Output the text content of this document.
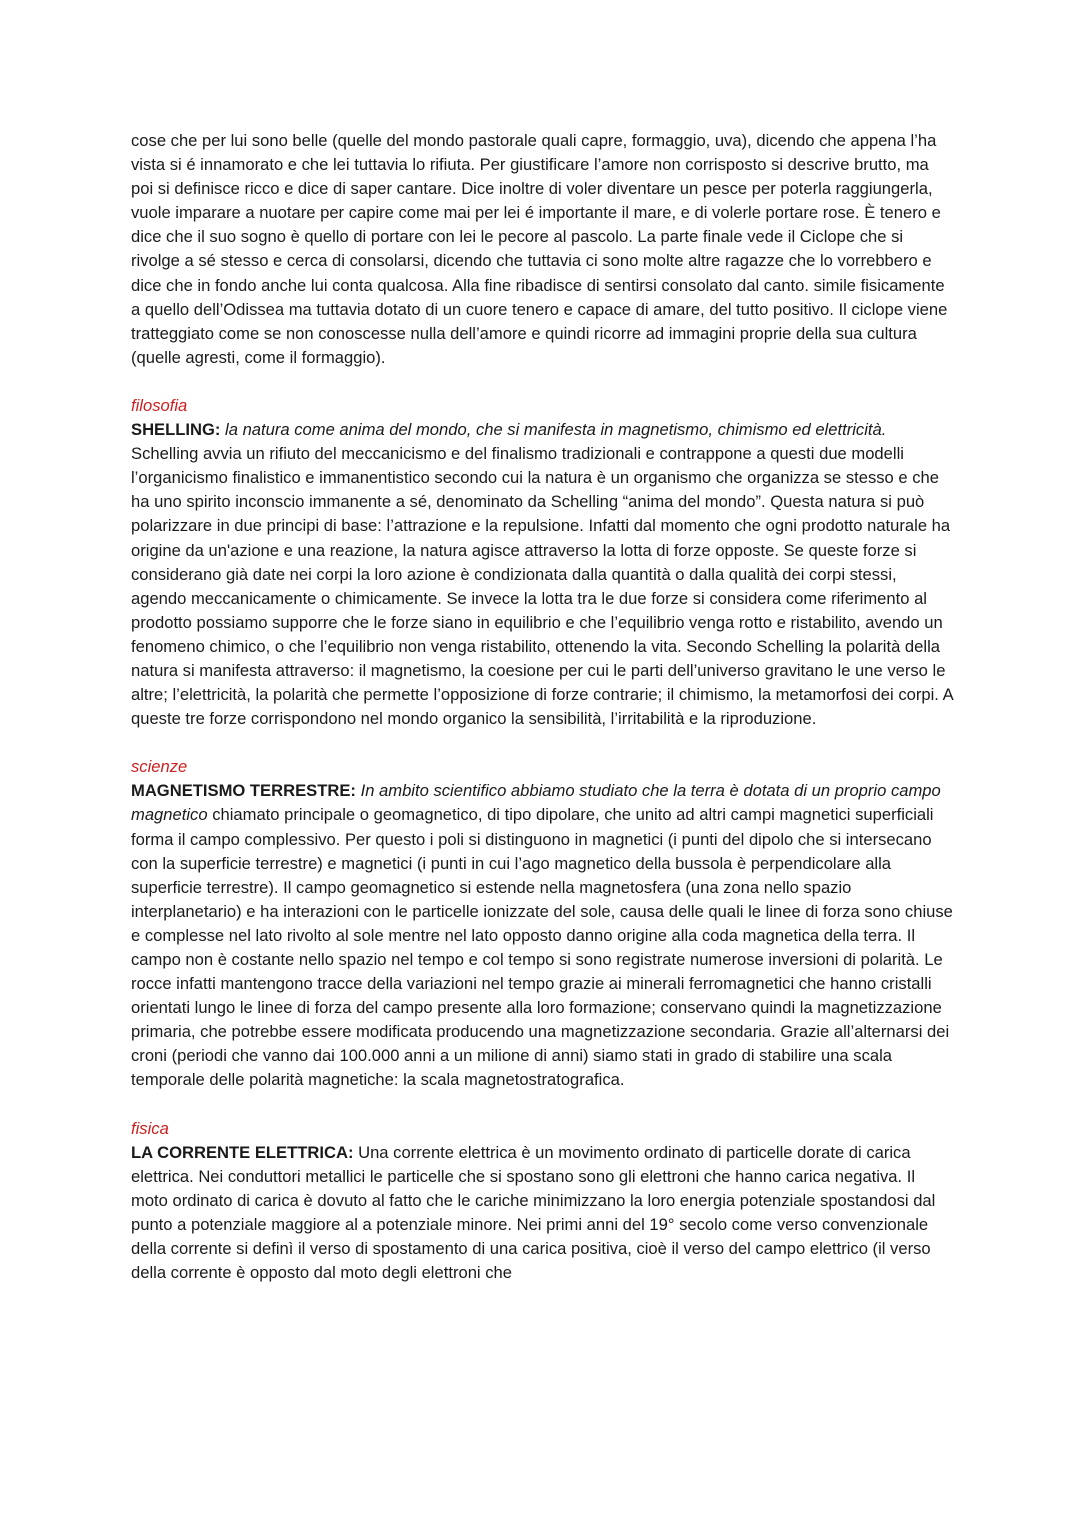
cose che per lui sono belle (quelle del mondo pastorale quali capre, formaggio, uva), dicendo che appena l’ha vista si é innamorato e che lei tuttavia lo rifiuta. Per giustificare l’amore non corrisposto si descrive brutto, ma poi si definisce ricco e dice di saper cantare. Dice inoltre di voler diventare un pesce per poterla raggiungerla, vuole imparare a nuotare per capire come mai per lei é importante il mare, e di volerle portare rose. È tenero e dice che il suo sogno è quello di portare con lei le pecore al pascolo. La parte finale vede il Ciclope che si rivolge a sé stesso e cerca di consolarsi, dicendo che tuttavia ci sono molte altre ragazze che lo vorrebbero e dice che in fondo anche lui conta qualcosa. Alla fine ribadisce di sentirsi consolato dal canto. simile fisicamente a quello dell’Odissea ma tuttavia dotato di un cuore tenero e capace di amare, del tutto positivo. Il ciclope viene tratteggiato come se non conoscesse nulla dell’amore e quindi ricorre ad immagini proprie della sua cultura (quelle agresti, come il formaggio).

filosofia

SHELLING: la natura come anima del mondo, che si manifesta in magnetismo, chimismo ed elettricità. Schelling avvia un rifiuto del meccanicismo e del finalismo tradizionali e contrappone a questi due modelli l’organicismo finalistico e immanentistico secondo cui la natura è un organismo che organizza se stesso e che ha uno spirito inconscio immanente a sé, denominato da Schelling “anima del mondo”. Questa natura si può polarizzare in due principi di base: l’attrazione e la repulsione. Infatti dal momento che ogni prodotto naturale ha origine da un'azione e una reazione, la natura agisce attraverso la lotta di forze opposte. Se queste forze si considerano già date nei corpi la loro azione è condizionata dalla quantità o dalla qualità dei corpi stessi, agendo meccanicamente o chimicamente. Se invece la lotta tra le due forze si considera come riferimento al prodotto possiamo supporre che le forze siano in equilibrio e che l’equilibrio venga rotto e ristabilito, avendo un fenomeno chimico, o che l’equilibrio non venga ristabilito, ottenendo la vita. Secondo Schelling la polarità della natura si manifesta attraverso: il magnetismo, la coesione per cui le parti dell’universo gravitano le une verso le altre; l’elettricità, la polarità che permette l’opposizione di forze contrarie; il chimismo, la metamorfosi dei corpi. A queste tre forze corrispondono nel mondo organico la sensibilità, l’irritabilità e la riproduzione.

scienze

MAGNETISMO TERRESTRE: In ambito scientifico abbiamo studiato che la terra è dotata di un proprio campo magnetico chiamato principale o geomagnetico, di tipo dipolare, che unito ad altri campi magnetici superficiali forma il campo complessivo. Per questo i poli si distinguono in magnetici (i punti del dipolo che si intersecano con la superficie terrestre) e magnetici (i punti in cui l’ago magnetico della bussola è perpendicolare alla superficie terrestre). Il campo geomagnetico si estende nella magnetosfera (una zona nello spazio interplanetario) e ha interazioni con le particelle ionizzate del sole, causa delle quali le linee di forza sono chiuse e complesse nel lato rivolto al sole mentre nel lato opposto danno origine alla coda magnetica della terra. Il campo non è costante nello spazio nel tempo e col tempo si sono registrate numerose inversioni di polarità. Le rocce infatti mantengono tracce della variazioni nel tempo grazie ai minerali ferromagnetici che hanno cristalli orientati lungo le linee di forza del campo presente alla loro formazione; conservano quindi la magnetizzazione primaria, che potrebbe essere modificata producendo una magnetizzazione secondaria. Grazie all’alternarsi dei croni (periodi che vanno dai 100.000 anni a un milione di anni) siamo stati in grado di stabilire una scala temporale delle polarità magnetiche: la scala magnetostratografica.

fisica

LA CORRENTE ELETTRICA: Una corrente elettrica è un movimento ordinato di particelle dorate di carica elettrica. Nei conduttori metallici le particelle che si spostano sono gli elettroni che hanno carica negativa. Il moto ordinato di carica è dovuto al fatto che le cariche minimizzano la loro energia potenziale spostandosi dal punto a potenziale maggiore al a potenziale minore. Nei primi anni del 19° secolo come verso convenzionale della corrente si definì il verso di spostamento di una carica positiva, cioè il verso del campo elettrico (il verso della corrente è opposto dal moto degli elettroni che
